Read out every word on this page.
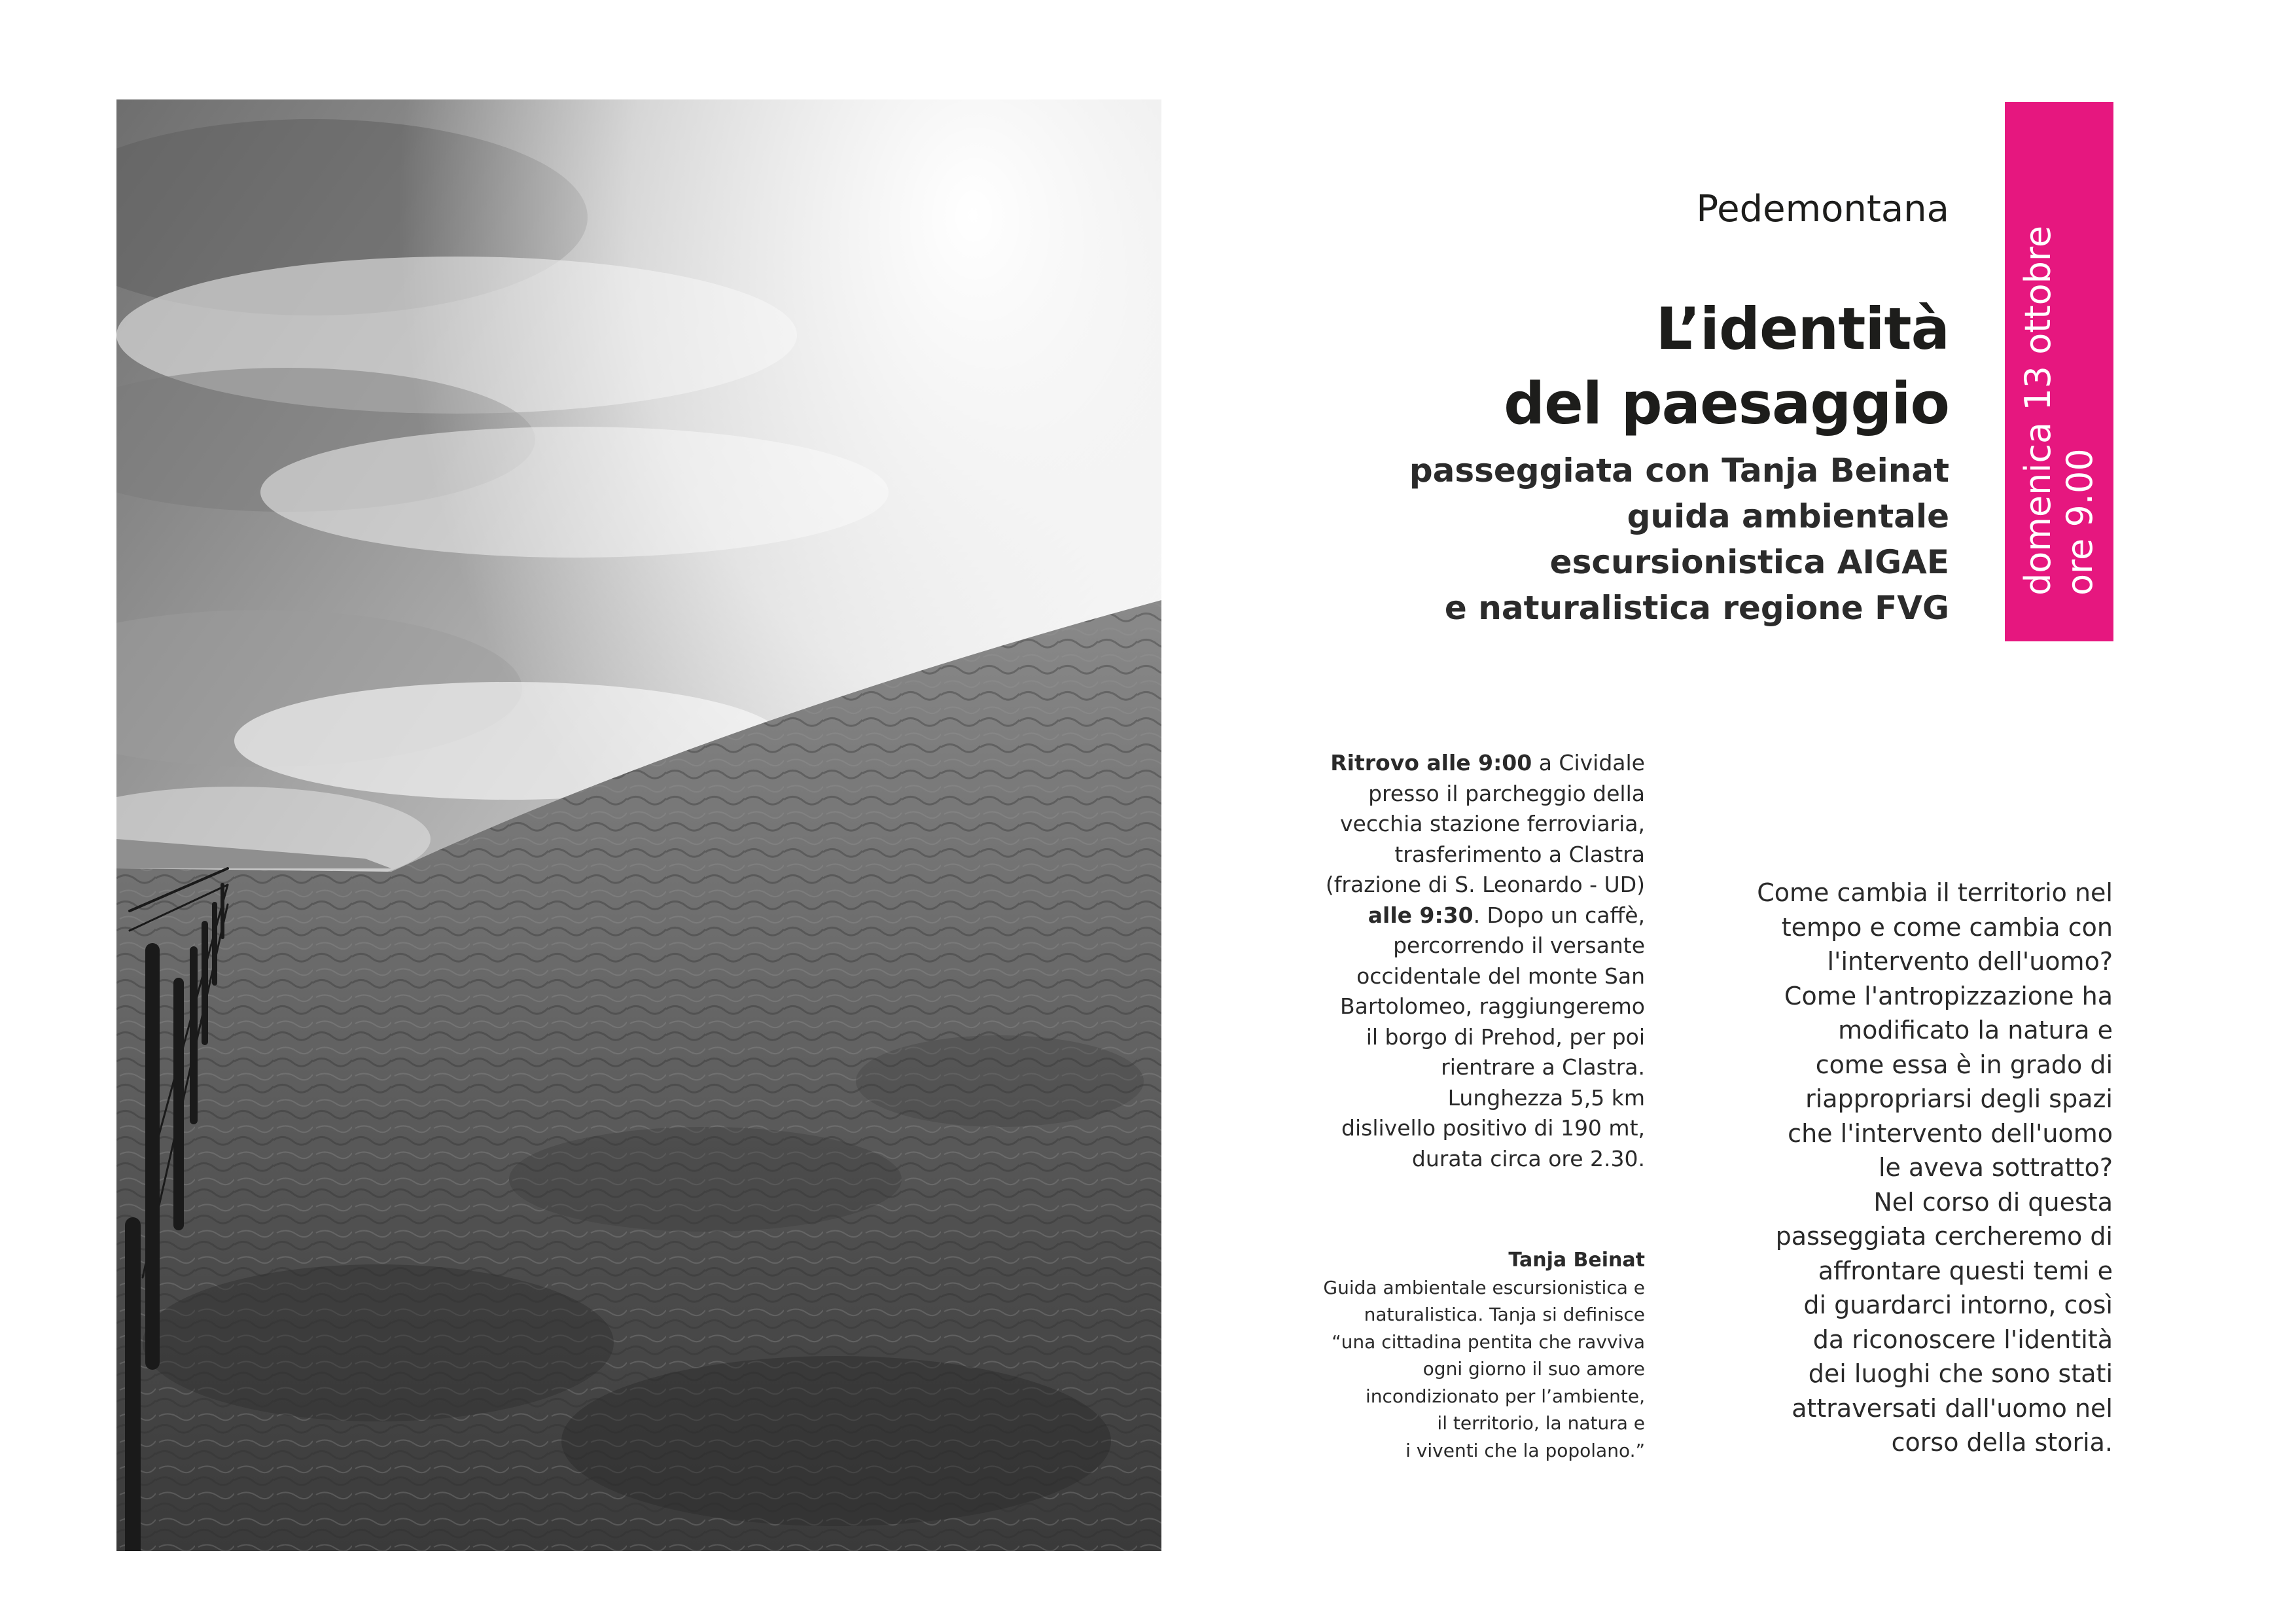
domenica 13 ottobre ore 9.00

Pedemontana

L’identità
del paesaggio

passeggiata con Tanja Beinat
guida ambientale
escursionistica AIGAE
e naturalistica regione FVG

Ritrovo alle 9:00 a Cividale
presso il parcheggio della
vecchia stazione ferroviaria,
trasferimento a Clastra
(frazione di S. Leonardo - UD)
alle 9:30. Dopo un caffè,
percorrendo il versante
occidentale del monte San
Bartolomeo, raggiungeremo
il borgo di Prehod, per poi
rientrare a Clastra.
Lunghezza 5,5 km
dislivello positivo di 190 mt,
durata circa ore 2.30.
Tanja Beinat
Guida ambientale escursionistica e
naturalistica. Tanja si definisce
“una cittadina pentita che ravviva
ogni giorno il suo amore
incondizionato per l’ambiente,
il territorio, la natura e
i viventi che la popolano.”
Come cambia il territorio nel
tempo e come cambia con
l'intervento dell'uomo?
Come l'antropizzazione ha
modificato la natura e
come essa è in grado di
riappropriarsi degli spazi
che l'intervento dell'uomo
le aveva sottratto?
Nel corso di questa
passeggiata cercheremo di
affrontare questi temi e
di guardarci intorno, così
da riconoscere l'identità
dei luoghi che sono stati
attraversati dall'uomo nel
corso della storia.
